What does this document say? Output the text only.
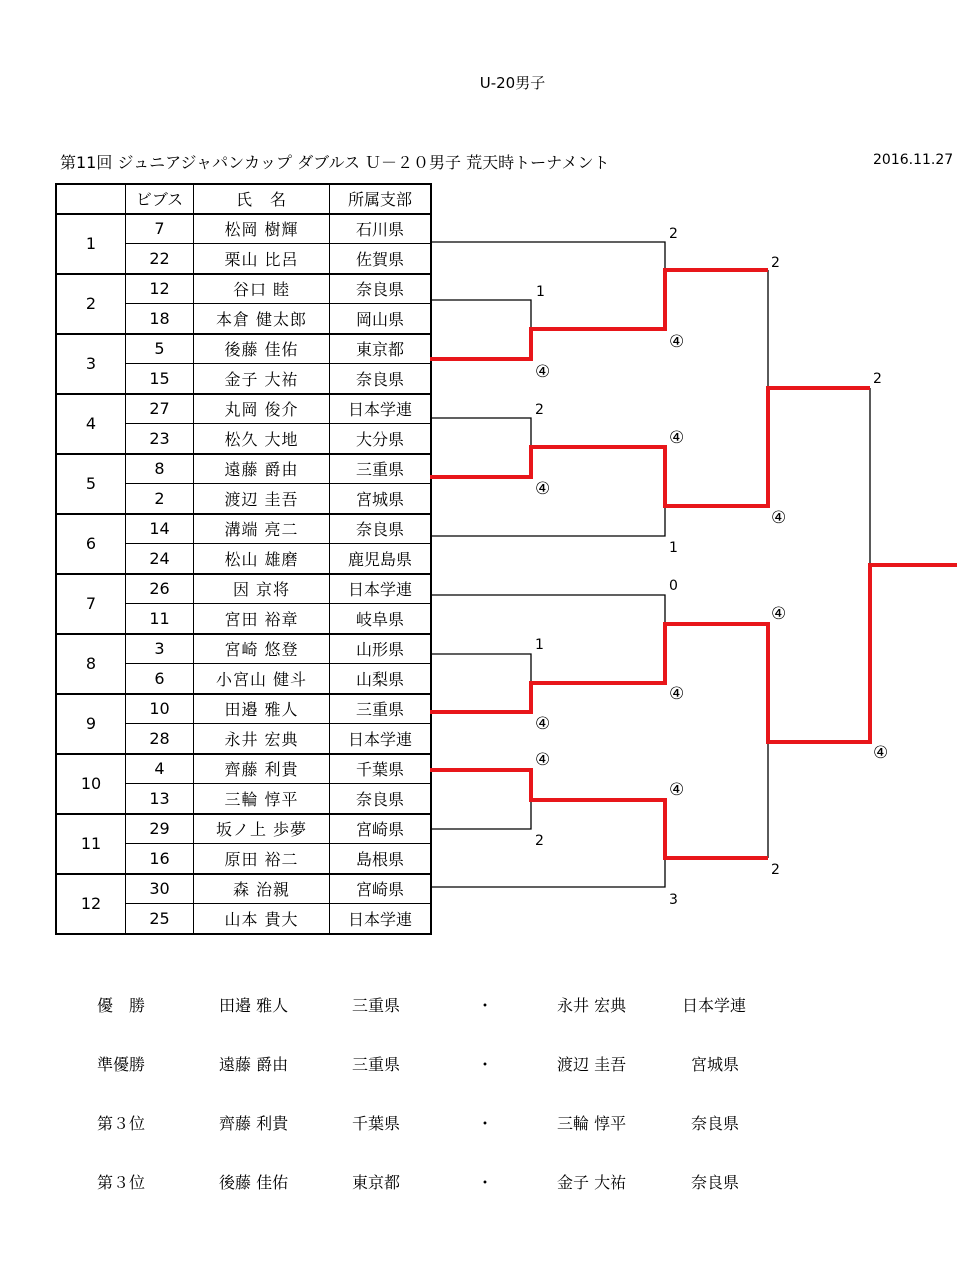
U-20男子
第11回 ジュニアジャパンカップ ダブルス Ｕ－２０男子 荒天時トーナメント	2016.11.27
	ビブス	氏　名	所属支部
1	7	松岡 樹輝	石川県
	22	栗山 比呂	佐賀県
2	12	谷口 睦	奈良県
	18	本倉 健太郎	岡山県
3	5	後藤 佳佑	東京都
	15	金子 大祐	奈良県
4	27	丸岡 俊介	日本学連
	23	松久 大地	大分県
5	8	遠藤 爵由	三重県
	2	渡辺 圭吾	宮城県
6	14	溝端 亮二	奈良県
	24	松山 雄磨	鹿児島県
7	26	因 京将	日本学連
	11	宮田 裕章	岐阜県
8	3	宮崎 悠登	山形県
	6	小宮山 健斗	山梨県
9	10	田邉 雅人	三重県
	28	永井 宏典	日本学連
10	4	齊藤 利貴	千葉県
	13	三輪 惇平	奈良県
11	29	坂ノ上 歩夢	宮崎県
	16	原田 裕二	島根県
12	30	森 治親	宮崎県
	25	山本 貴大	日本学連
1
④
2
④
1
④
④
2
2
④
④
1
0
④
④
3
2
④
④
2
2
④
優　勝	田邉 雅人	三重県	・	永井 宏典	日本学連
準優勝	遠藤 爵由	三重県	・	渡辺 圭吾	宮城県
第３位	齊藤 利貴	千葉県	・	三輪 惇平	奈良県
第３位	後藤 佳佑	東京都	・	金子 大祐	奈良県
